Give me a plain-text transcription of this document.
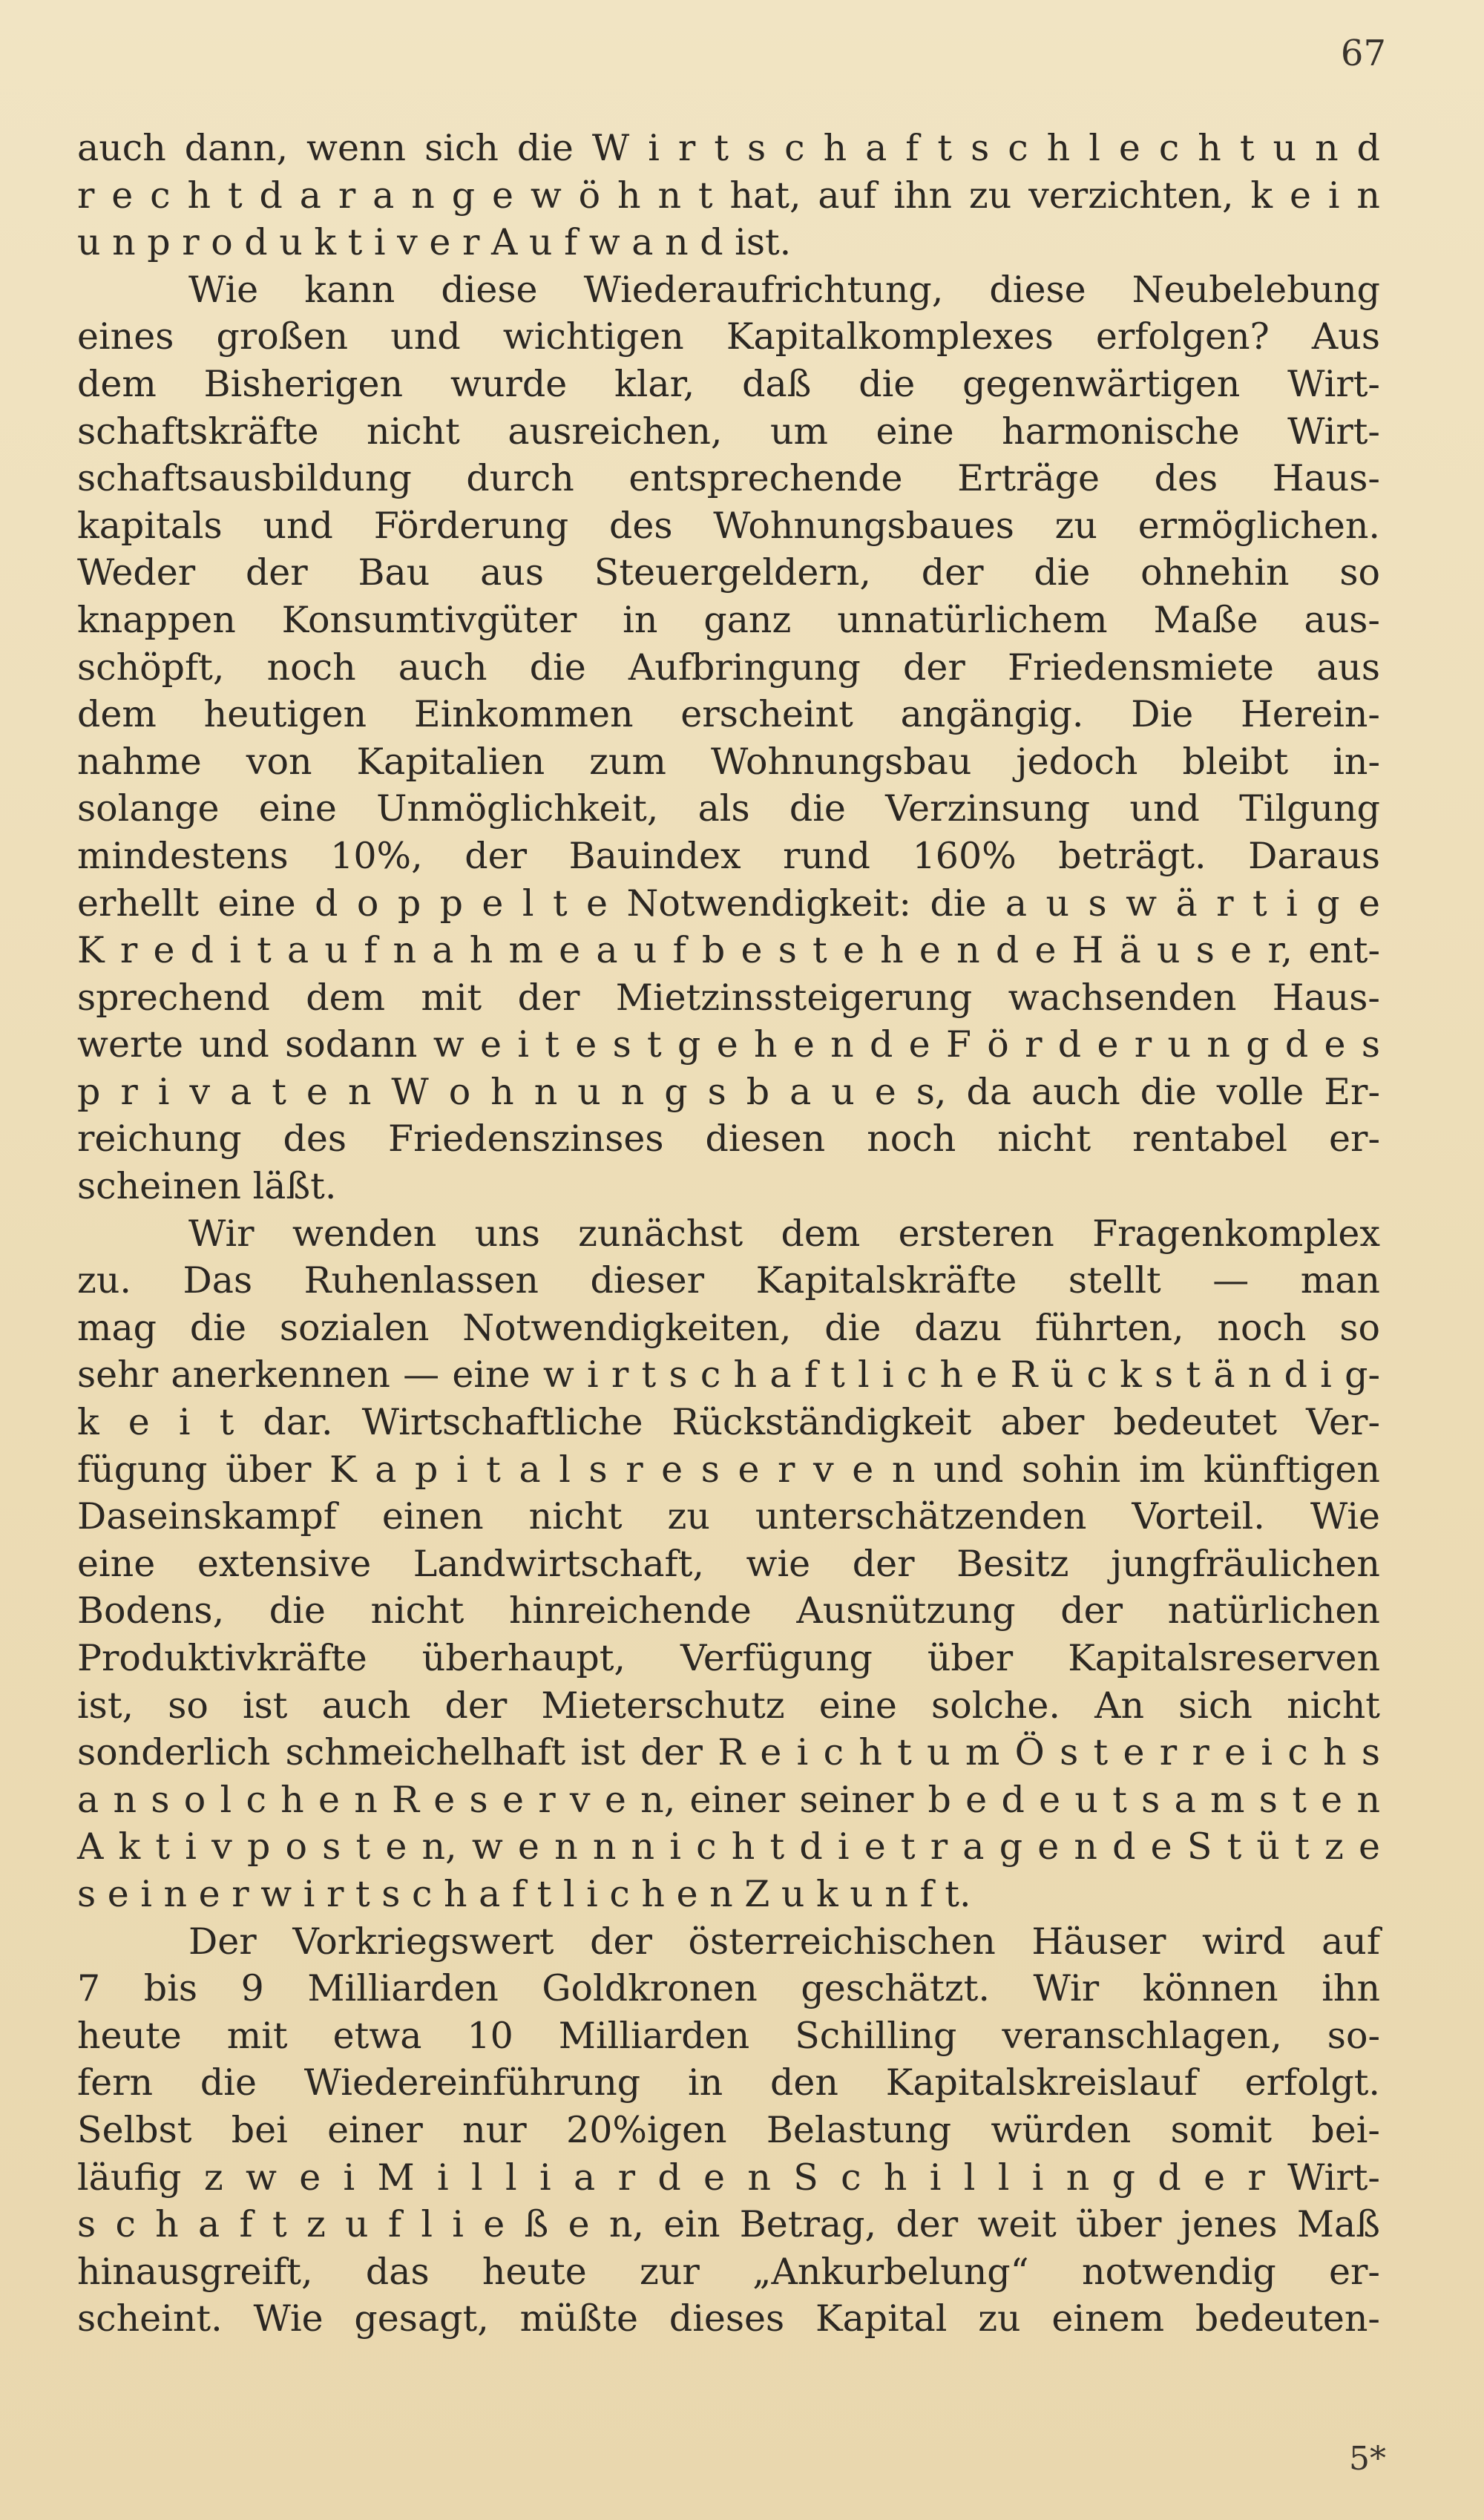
67
auch dann, wenn sich die W i r t s c h a f t s c h l e c h t u n d
r e c h t d a r a n g e w ö h n t hat, auf ihn zu verzichten, k e i n
u n p r o d u k t i v e r A u f w a n d ist.
Wie kann diese Wiederaufrichtung, diese Neubelebung
eines großen und wichtigen Kapitalkomplexes erfolgen? Aus
dem Bisherigen wurde klar, daß die gegenwärtigen Wirt-
schaftskräfte nicht ausreichen, um eine harmonische Wirt-
schaftsausbildung durch entsprechende Erträge des Haus-
kapitals und Förderung des Wohnungsbaues zu ermöglichen.
Weder der Bau aus Steuergeldern, der die ohnehin so
knappen Konsumtivgüter in ganz unnatürlichem Maße aus-
schöpft, noch auch die Aufbringung der Friedensmiete aus
dem heutigen Einkommen erscheint angängig. Die Herein-
nahme von Kapitalien zum Wohnungsbau jedoch bleibt in-
solange eine Unmöglichkeit, als die Verzinsung und Tilgung
mindestens 10%, der Bauindex rund 160% beträgt. Daraus
erhellt eine d o p p e l t e Notwendigkeit: die a u s w ä r t i g e
K r e d i t a u f n a h m e a u f b e s t e h e n d e H ä u s e r, ent-
sprechend dem mit der Mietzinssteigerung wachsenden Haus-
werte und sodann w e i t e s t g e h e n d e F ö r d e r u n g d e s
p r i v a t e n W o h n u n g s b a u e s, da auch die volle Er-
reichung des Friedenszinses diesen noch nicht rentabel er-
scheinen läßt.
Wir wenden uns zunächst dem ersteren Fragenkomplex
zu. Das Ruhenlassen dieser Kapitalskräfte stellt — man
mag die sozialen Notwendigkeiten, die dazu führten, noch so
sehr anerkennen — eine w i r t s c h a f t l i c h e R ü c k s t ä n d i g-
k e i t dar. Wirtschaftliche Rückständigkeit aber bedeutet Ver-
fügung über K a p i t a l s r e s e r v e n und sohin im künftigen
Daseinskampf einen nicht zu unterschätzenden Vorteil. Wie
eine extensive Landwirtschaft, wie der Besitz jungfräulichen
Bodens, die nicht hinreichende Ausnützung der natürlichen
Produktivkräfte überhaupt, Verfügung über Kapitalsreserven
ist, so ist auch der Mieterschutz eine solche. An sich nicht
sonderlich schmeichelhaft ist der R e i c h t u m Ö s t e r r e i c h s
a n s o l c h e n R e s e r v e n, einer seiner b e d e u t s a m s t e n
A k t i v p o s t e n, w e n n n i c h t d i e t r a g e n d e S t ü t z e
s e i n e r w i r t s c h a f t l i c h e n Z u k u n f t.
Der Vorkriegswert der österreichischen Häuser wird auf
7 bis 9 Milliarden Goldkronen geschätzt. Wir können ihn
heute mit etwa 10 Milliarden Schilling veranschlagen, so-
fern die Wiedereinführung in den Kapitalskreislauf erfolgt.
Selbst bei einer nur 20%igen Belastung würden somit bei-
läufig z w e i M i l l i a r d e n S c h i l l i n g d e r Wirt-
s c h a f t z u f l i e ß e n, ein Betrag, der weit über jenes Maß
hinausgreift, das heute zur „Ankurbelung“ notwendig er-
scheint. Wie gesagt, müßte dieses Kapital zu einem bedeuten-
5*
